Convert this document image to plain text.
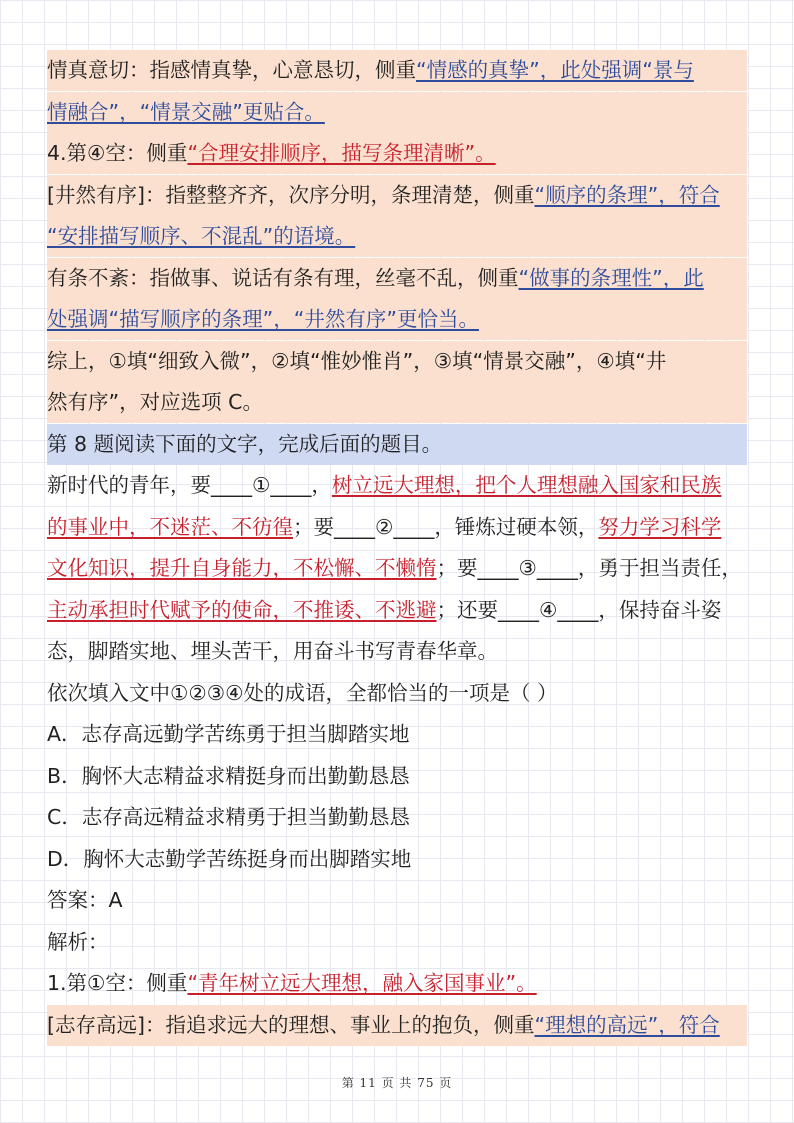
情真意切：指感情真挚，心意恳切，侧重“情感的真挚”，此处强调“景与
情融合”，“情景交融”更贴合。
4.第④空：侧重“合理安排顺序，描写条理清晰”。
[井然有序]：指整整齐齐，次序分明，条理清楚，侧重“顺序的条理”，符合
“安排描写顺序、不混乱”的语境。
有条不紊：指做事、说话有条有理，丝毫不乱，侧重“做事的条理性”，此
处强调“描写顺序的条理”，“井然有序”更恰当。
综上，①填“细致入微”，②填“惟妙惟肖”，③填“情景交融”，④填“井
然有序”，对应选项 C。
第 8 题阅读下面的文字，完成后面的题目。
新时代的青年，要____①____，树立远大理想，把个人理想融入国家和民族
的事业中，不迷茫、不彷徨；要____②____，锤炼过硬本领，努力学习科学
文化知识，提升自身能力，不松懈、不懒惰；要____③____，勇于担当责任，
主动承担时代赋予的使命，不推诿、不逃避；还要____④____，保持奋斗姿
态，脚踏实地、埋头苦干，用奋斗书写青春华章。
依次填入文中①②③④处的成语，全都恰当的一项是（ ）
A．志存高远勤学苦练勇于担当脚踏实地
B．胸怀大志精益求精挺身而出勤勤恳恳
C．志存高远精益求精勇于担当勤勤恳恳
D．胸怀大志勤学苦练挺身而出脚踏实地
答案：A
解析：
1.第①空：侧重“青年树立远大理想，融入家国事业”。
[志存高远]：指追求远大的理想、事业上的抱负，侧重“理想的高远”，符合
第 11 页 共 75 页
